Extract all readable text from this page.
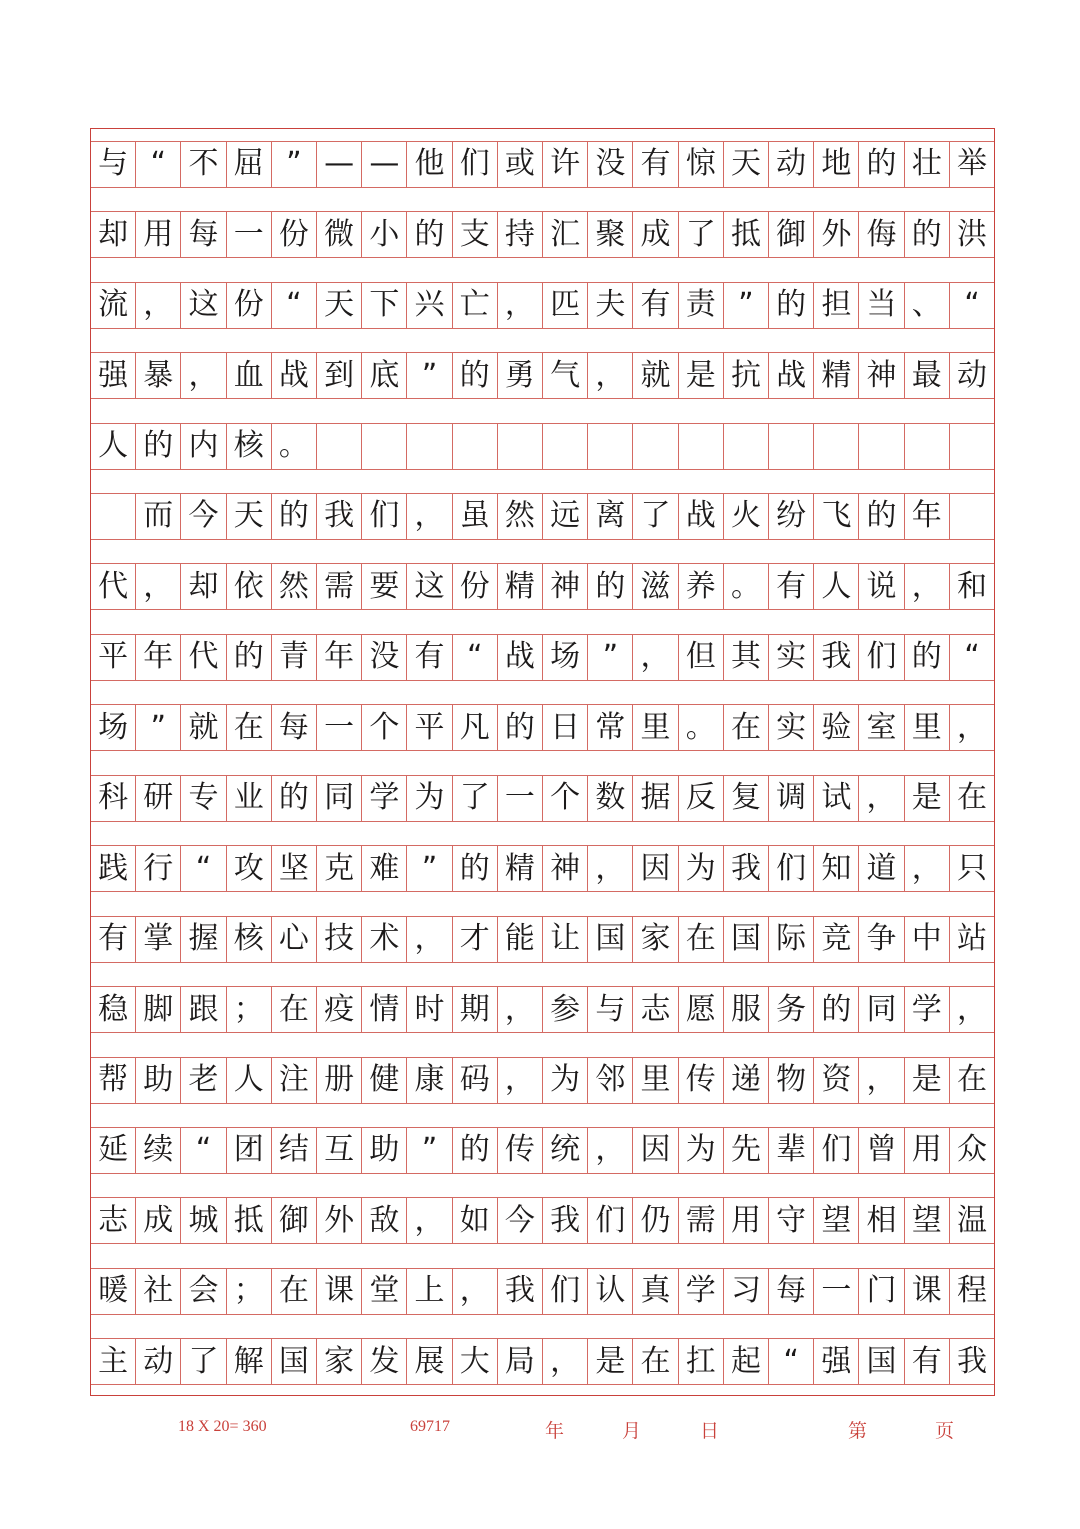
与 “ 不 屈 ” — — 他 们 或 许 没 有 惊 天 动 地 的 壮 举
却 用 每 一 份 微 小 的 支 持 汇 聚 成 了 抵 御 外 侮 的 洪
流 ， 这 份 “ 天 下 兴 亡 ， 匹 夫 有 责 ” 的 担 当 、 “
强 暴 ， 血 战 到 底 ” 的 勇 气 ， 就 是 抗 战 精 神 最 动
人 的 内 核 。

而 今 天 的 我 们 ， 虽 然 远 离 了 战 火 纷 飞 的 年
代 ， 却 依 然 需 要 这 份 精 神 的 滋 养 。 有 人 说 ， 和
平 年 代 的 青 年 没 有 “ 战 场 ” ， 但 其 实 我 们 的 “
场 ” 就 在 每 一 个 平 凡 的 日 常 里 。 在 实 验 室 里 ，
科 研 专 业 的 同 学 为 了 一 个 数 据 反 复 调 试 ， 是 在
践 行 “ 攻 坚 克 难 ” 的 精 神 ， 因 为 我 们 知 道 ， 只
有 掌 握 核 心 技 术 ， 才 能 让 国 家 在 国 际 竞 争 中 站
稳 脚 跟 ； 在 疫 情 时 期 ， 参 与 志 愿 服 务 的 同 学 ，
帮 助 老 人 注 册 健 康 码 ， 为 邻 里 传 递 物 资 ， 是 在
延 续 “ 团 结 互 助 ” 的 传 统 ， 因 为 先 辈 们 曾 用 众
志 成 城 抵 御 外 敌 ， 如 今 我 们 仍 需 用 守 望 相 望 温
暖 社 会 ； 在 课 堂 上 ， 我 们 认 真 学 习 每 一 门 课 程
主 动 了 解 国 家 发 展 大 局 ， 是 在 扛 起 “ 强 国 有 我
18 X 20= 360	69717	年	月	日	第	页
